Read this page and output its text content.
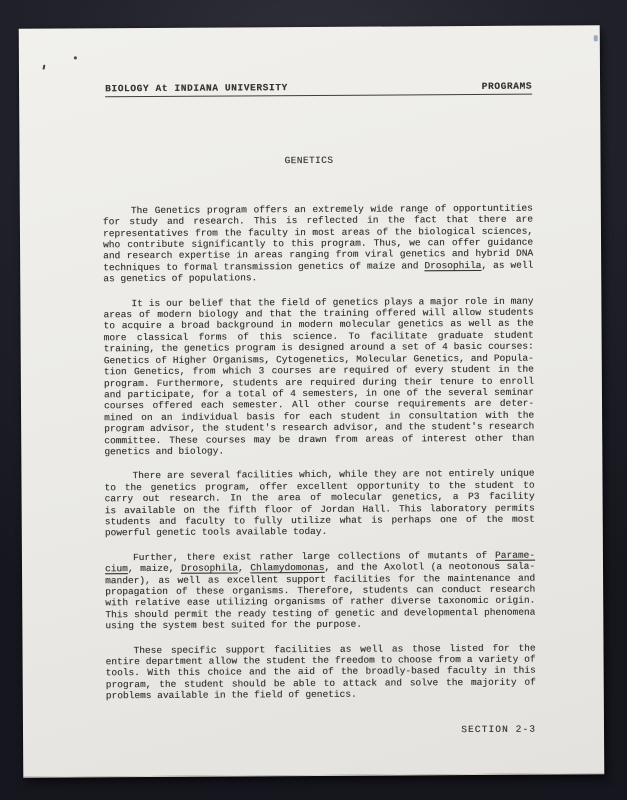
BIOLOGY At INDIANA UNIVERSITY	PROGRAMS
GENETICS
The Genetics program offers an extremely wide range of opportuntities
for study and research. This is reflected in the fact that there are
representatives from the faculty in most areas of the biological sciences,
who contribute significantly to this program. Thus, we can offer guidance
and research expertise in areas ranging from viral genetics and hybrid DNA
techniques to formal transmission genetics of maize and Drosophila, as well
as genetics of populations.
It is our belief that the field of genetics plays a major role in many
areas of modern biology and that the training offered will allow students
to acquire a broad background in modern molecular genetics as well as the
more classical forms of this science. To facilitate graduate student
training, the genetics program is designed around a set of 4 basic courses:
Genetics of Higher Organisms, Cytogenetics, Molecular Genetics, and Popula-
tion Genetics, from which 3 courses are required of every student in the
program. Furthermore, students are required during their tenure to enroll
and participate, for a total of 4 semesters, in one of the several seminar
courses offered each semester. All other course requirements are deter-
mined on an individual basis for each student in consultation with the
program advisor, the student's research advisor, and the student's research
committee. These courses may be drawn from areas of interest other than
genetics and biology.
There are several facilities which, while they are not entirely unique
to the genetics program, offer excellent opportunity to the student to
carry out research. In the area of molecular genetics, a P3 facility
is available on the fifth floor of Jordan Hall. This laboratory permits
students and faculty to fully utilize what is perhaps one of the most
powerful genetic tools available today.
Further, there exist rather large collections of mutants of Parame-
cium, maize, Drosophila, Chlamydomonas, and the Axolotl (a neotonous sala-
mander), as well as excellent support facilities for the maintenance and
propagation of these organisms. Therefore, students can conduct research
with relative ease utilizing organisms of rather diverse taxonomic origin.
This should permit the ready testing of genetic and developmental phenomena
using the system best suited for the purpose.
These specific support facilities as well as those listed for the
entire department allow the student the freedom to choose from a variety of
tools. With this choice and the aid of the broadly-based faculty in this
program, the student should be able to attack and solve the majority of
problems available in the field of genetics.
SECTION 2-3
